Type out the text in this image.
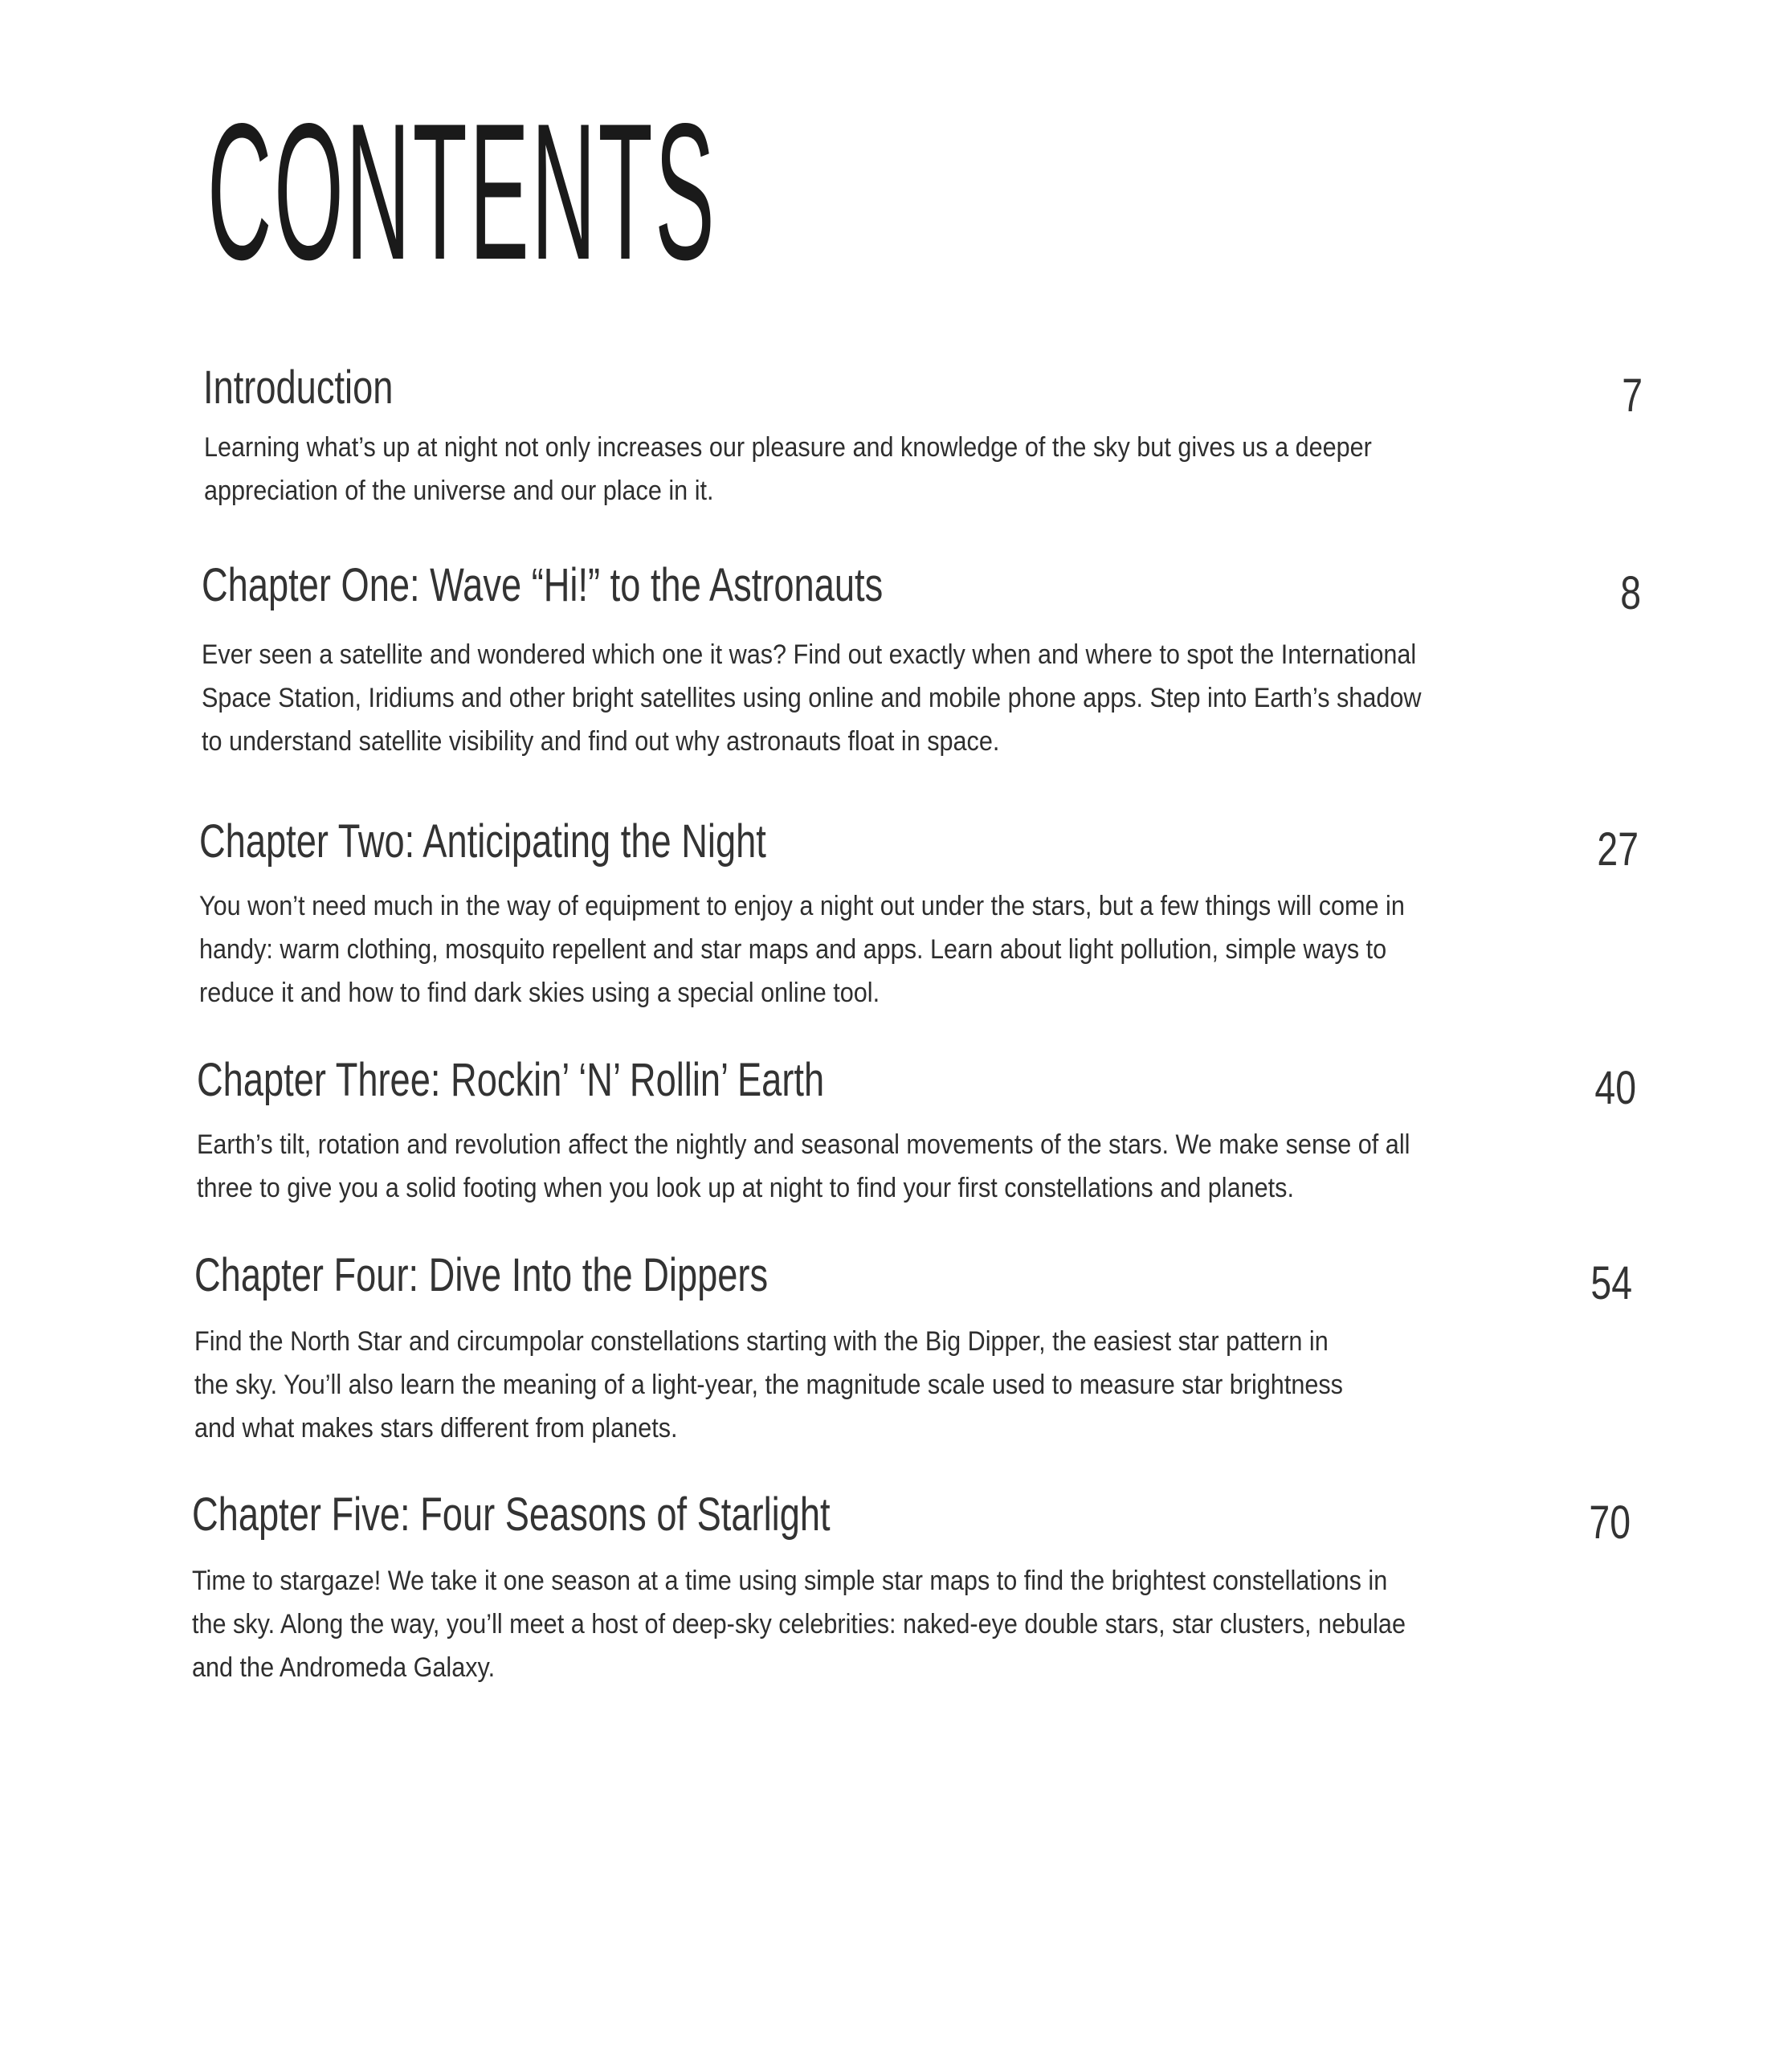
CONTENTS
Introduction	7
Learning what’s up at night not only increases our pleasure and knowledge of the sky but gives us a deeper
appreciation of the universe and our place in it.
Chapter One: Wave “Hi!” to the Astronauts	8
Ever seen a satellite and wondered which one it was? Find out exactly when and where to spot the International
Space Station, Iridiums and other bright satellites using online and mobile phone apps. Step into Earth’s shadow
to understand satellite visibility and find out why astronauts float in space.
Chapter Two: Anticipating the Night	27
You won’t need much in the way of equipment to enjoy a night out under the stars, but a few things will come in
handy: warm clothing, mosquito repellent and star maps and apps. Learn about light pollution, simple ways to
reduce it and how to find dark skies using a special online tool.
Chapter Three: Rockin’ ‘N’ Rollin’ Earth	40
Earth’s tilt, rotation and revolution affect the nightly and seasonal movements of the stars. We make sense of all
three to give you a solid footing when you look up at night to find your first constellations and planets.
Chapter Four: Dive Into the Dippers	54
Find the North Star and circumpolar constellations starting with the Big Dipper, the easiest star pattern in
the sky. You’ll also learn the meaning of a light-year, the magnitude scale used to measure star brightness
and what makes stars different from planets.
Chapter Five: Four Seasons of Starlight	70
Time to stargaze! We take it one season at a time using simple star maps to find the brightest constellations in
the sky. Along the way, you’ll meet a host of deep-sky celebrities: naked-eye double stars, star clusters, nebulae
and the Andromeda Galaxy.
